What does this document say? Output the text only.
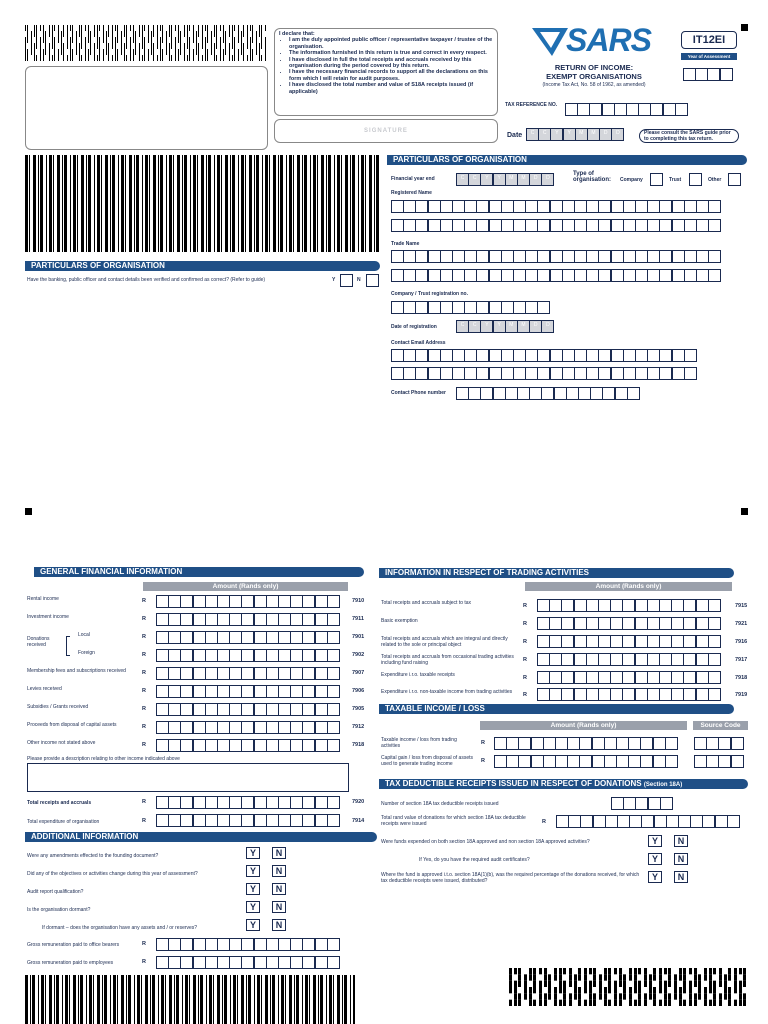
I declare that:
• I am the duly appointed public officer / representative taxpayer / trustee of the organisation.
• The information furnished in this return is true and correct in every respect.
• I have disclosed in full the total receipts and accruals received by this organisation during the period covered by this return.
• I have the necessary financial records to support all the declarations on this form which I will retain for audit purposes.
• I have disclosed the total number and value of S18A receipts issued (if applicable)
SIGNATURE
SARS	IT12EI
Year of Assessment
RETURN OF INCOME:
EXEMPT ORGANISATIONS
(Income Tax Act, No. 58 of 1962, as amended)
TAX REFERENCE NO.
Date	C	C	Y	Y	M	M	D	D	Please consult the SARS guide prior to completing this tax return.
PARTICULARS OF ORGANISATION
Have the banking, public officer and contact details been verified and confirmed as correct? (Refer to guide)	Y	N
PARTICULARS OF ORGANISATION
Financial year end	C	C	Y	Y	M	M	D	D
Type of organisation:	Company	Trust	Other
Registered Name
Trade Name
Company / Trust registration no.
Date of registration	C	C	Y	Y	M	M	D	D
Contact Email Address
Contact Phone number
GENERAL FINANCIAL INFORMATION
Amount (Rands only)
Rental income	R	7910
Investment income	R	7911
Local	R	7901
Foreign	R	7902
Membership fees and subscriptions received	R	7907
Levies received	R	7906
Subsidies / Grants received	R	7905
Proceeds from disposal of capital assets	R	7912
Other income not stated above	R	7918
Donations received
Please provide a description relating to other income indicated above
Total receipts and accruals	R	7920
Total expenditure of organisation	R	7914
ADDITIONAL INFORMATION
Were any amendments effected to the founding document?	Y	N
Did any of the objectives or activities change during this year of assessment?	Y	N
Audit report qualification?	Y	N
Is the organisation dormant?	Y	N
If dormant – does the organisation have any assets and / or reserves?	Y	N
Gross remuneration paid to office bearers	R
Gross remuneration paid to employees	R
INFORMATION IN RESPECT OF TRADING ACTIVITIES
Amount (Rands only)
Total receipts and accruals subject to tax	R	7915
Basic exemption	R	7921
Total receipts and accruals which are integral and directly related to the sole or principal object	R	7916
Total receipts and accruals from occasional trading activities including fund raising	R	7917
Expenditure i.r.o. taxable receipts	R	7918
Expenditure i.r.o. non-taxable income from trading activities	R	7919
TAXABLE INCOME / LOSS
Amount (Rands only)	Source Code
Taxable income / loss from trading activities	R
Capital gain / loss from disposal of assets used to generate trading income	R
TAX DEDUCTIBLE RECEIPTS ISSUED IN RESPECT OF DONATIONS (Section 18A)
Number of section 18A tax deductible receipts issued
Total rand value of donations for which section 18A tax deductible receipts were issued	R
Were funds expended on both section 18A approved and non section 18A approved activities?	Y	N
If Yes, do you have the required audit certificates?	Y	N
Where the fund is approved i.t.o. section 18A(1)(b), was the required percentage of the donations received, for which tax deductible receipts were issued, distributed?	Y	N
